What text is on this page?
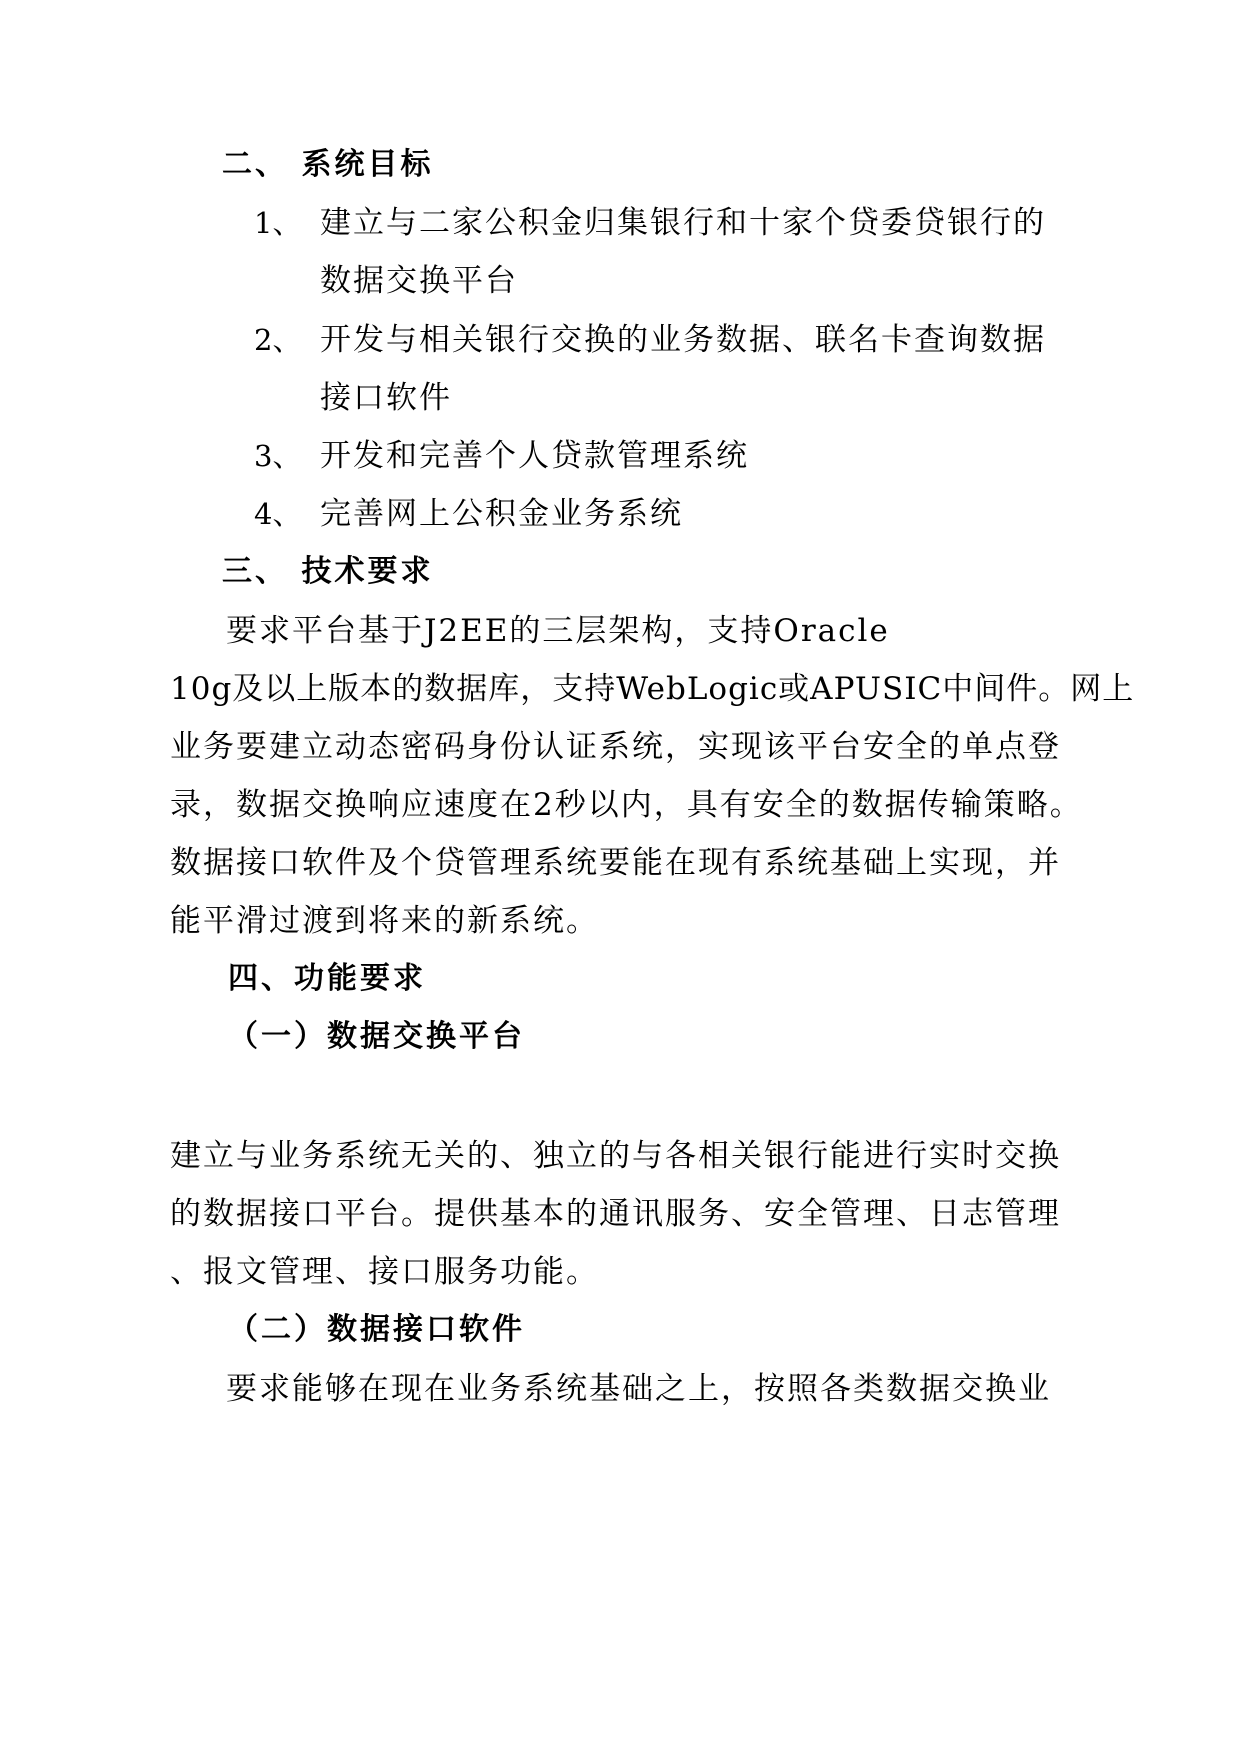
二、 系统目标
1、 建立与二家公积金归集银行和十家个贷委贷银行的
数据交换平台
2、 开发与相关银行交换的业务数据、联名卡查询数据
接口软件
3、 开发和完善个人贷款管理系统
4、 完善网上公积金业务系统
三、 技术要求
要求平台基于J2EE的三层架构，支持Oracle
10g及以上版本的数据库，支持WebLogic或APUSIC中间件。网上
业务要建立动态密码身份认证系统，实现该平台安全的单点登
录，数据交换响应速度在2秒以内，具有安全的数据传输策略。
数据接口软件及个贷管理系统要能在现有系统基础上实现，并
能平滑过渡到将来的新系统。
四、功能要求
（一）数据交换平台
建立与业务系统无关的、独立的与各相关银行能进行实时交换
的数据接口平台。提供基本的通讯服务、安全管理、日志管理
、报文管理、接口服务功能。
（二）数据接口软件
要求能够在现在业务系统基础之上，按照各类数据交换业
